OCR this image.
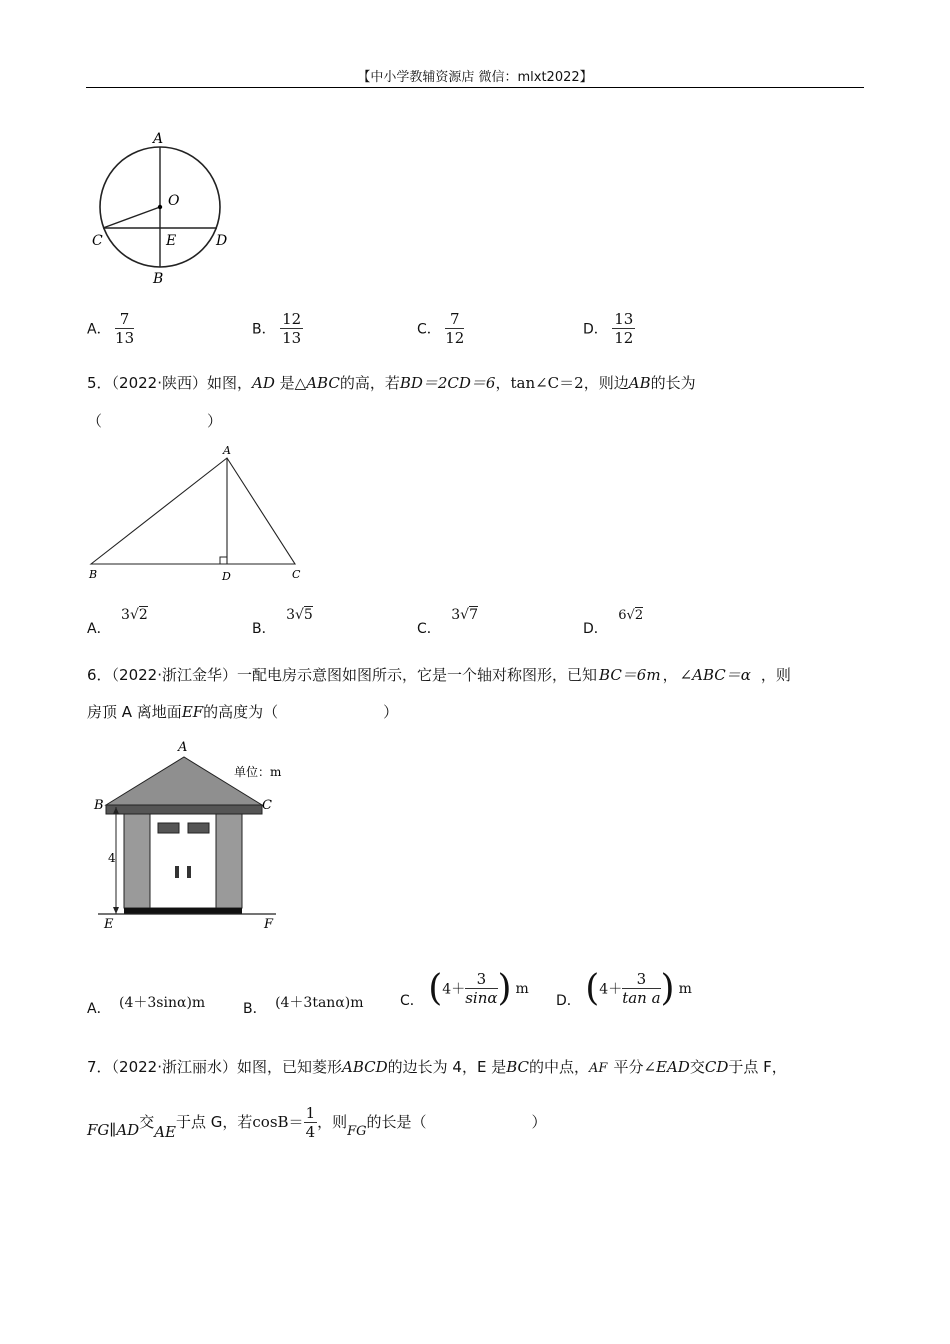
【中小学教辅资源店 微信：mlxt2022】
A
O
C	E	D
B
A． $\frac{7}{13}$	B． $\frac{12}{13}$	C． $\frac{7}{12}$	D． $\frac{13}{12}$
5．（2022·陕西）如图，AD 是△ABC的高，若BD＝2CD＝6，tan∠C＝2，则边AB的长为
（　　　　　　　）
A
B	D	C
A． 3√2
B． 3√5
C． 3√7
D． 6√2
6．（2022·浙江金华）一配电房示意图如图所示，它是一个轴对称图形，已知 BC＝6m ， ∠ABC＝α ，则
房顶 A 离地面EF的高度为（　　　　　　　）
A
B	C
E	F
4
单位：m
A． (4＋3sinα)m	B． (4＋3tanα)m	C． ($4+ \frac{3}{\sin\alpha}$ ) m
D． ($4+ \frac{3}{\text{tan a}}$ ) m
7．（2022·浙江丽水）如图，已知菱形ABCD的边长为 4，E 是BC的中点，AF 平分∠EAD交CD于点 F，
FG∥AD交AE于点 G，若$\cos B= \frac{1}{4}$ ，则FG的长是（　　　　　　　）
